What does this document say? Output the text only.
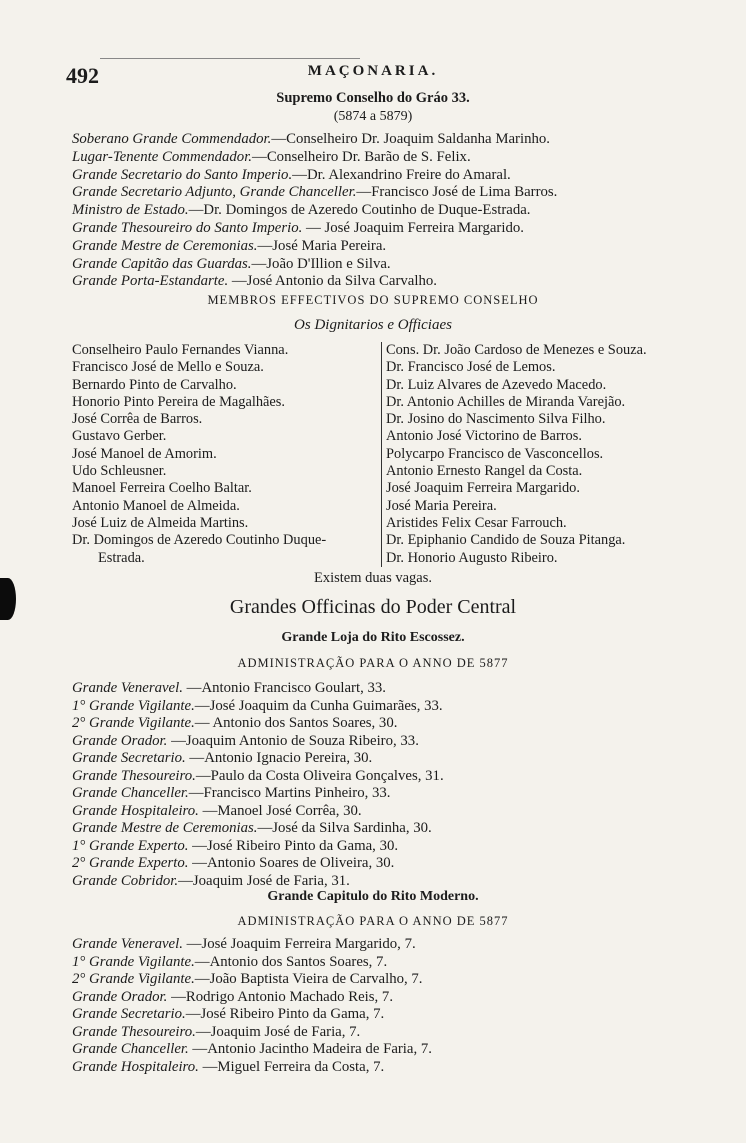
492	MAÇONARIA.
Supremo Conselho do Gráo 33.
(5874 a 5879)
Soberano Grande Commendador.—Conselheiro Dr. Joaquim Saldanha Marinho.
Lugar-Tenente Commendador.—Conselheiro Dr. Barão de S. Felix.
Grande Secretario do Santo Imperio.—Dr. Alexandrino Freire do Amaral.
Grande Secretario Adjunto, Grande Chanceller.—Francisco José de Lima Barros.
Ministro de Estado.—Dr. Domingos de Azeredo Coutinho de Duque-Estrada.
Grande Thesoureiro do Santo Imperio. — José Joaquim Ferreira Margarido.
Grande Mestre de Ceremonias.—José Maria Pereira.
Grande Capitão das Guardas.—João D'Illion e Silva.
Grande Porta-Estandarte. —José Antonio da Silva Carvalho.
MEMBROS EFFECTIVOS DO SUPREMO CONSELHO
Os Dignitarios e Officiaes
Conselheiro Paulo Fernandes Vianna.
Francisco José de Mello e Souza.
Bernardo Pinto de Carvalho.
Honorio Pinto Pereira de Magalhães.
José Corrêa de Barros.
Gustavo Gerber.
José Manoel de Amorim.
Udo Schleusner.
Manoel Ferreira Coelho Baltar.
Antonio Manoel de Almeida.
José Luiz de Almeida Martins.
Dr. Domingos de Azeredo Coutinho Duque-
Estrada.
Cons. Dr. João Cardoso de Menezes e Souza.
Dr. Francisco José de Lemos.
Dr. Luiz Alvares de Azevedo Macedo.
Dr. Antonio Achilles de Miranda Varejão.
Dr. Josino do Nascimento Silva Filho.
Antonio José Victorino de Barros.
Polycarpo Francisco de Vasconcellos.
Antonio Ernesto Rangel da Costa.
José Joaquim Ferreira Margarido.
José Maria Pereira.
Aristides Felix Cesar Farrouch.
Dr. Epiphanio Candido de Souza Pitanga.
Dr. Honorio Augusto Ribeiro.
Existem duas vagas.
Grandes Officinas do Poder Central
Grande Loja do Rito Escossez.
ADMINISTRAÇÃO PARA O ANNO DE 5877
Grande Veneravel. —Antonio Francisco Goulart, 33.
1° Grande Vigilante.—José Joaquim da Cunha Guimarães, 33.
2° Grande Vigilante.— Antonio dos Santos Soares, 30.
Grande Orador. —Joaquim Antonio de Souza Ribeiro, 33.
Grande Secretario. —Antonio Ignacio Pereira, 30.
Grande Thesoureiro.—Paulo da Costa Oliveira Gonçalves, 31.
Grande Chanceller.—Francisco Martins Pinheiro, 33.
Grande Hospitaleiro. —Manoel José Corrêa, 30.
Grande Mestre de Ceremonias.—José da Silva Sardinha, 30.
1° Grande Experto. —José Ribeiro Pinto da Gama, 30.
2° Grande Experto. —Antonio Soares de Oliveira, 30.
Grande Cobridor.—Joaquim José de Faria, 31.
Grande Capitulo do Rito Moderno.
ADMINISTRAÇÃO PARA O ANNO DE 5877
Grande Veneravel. —José Joaquim Ferreira Margarido, 7.
1° Grande Vigilante.—Antonio dos Santos Soares, 7.
2° Grande Vigilante.—João Baptista Vieira de Carvalho, 7.
Grande Orador. —Rodrigo Antonio Machado Reis, 7.
Grande Secretario.—José Ribeiro Pinto da Gama, 7.
Grande Thesoureiro.—Joaquim José de Faria, 7.
Grande Chanceller. —Antonio Jacintho Madeira de Faria, 7.
Grande Hospitaleiro. —Miguel Ferreira da Costa, 7.
